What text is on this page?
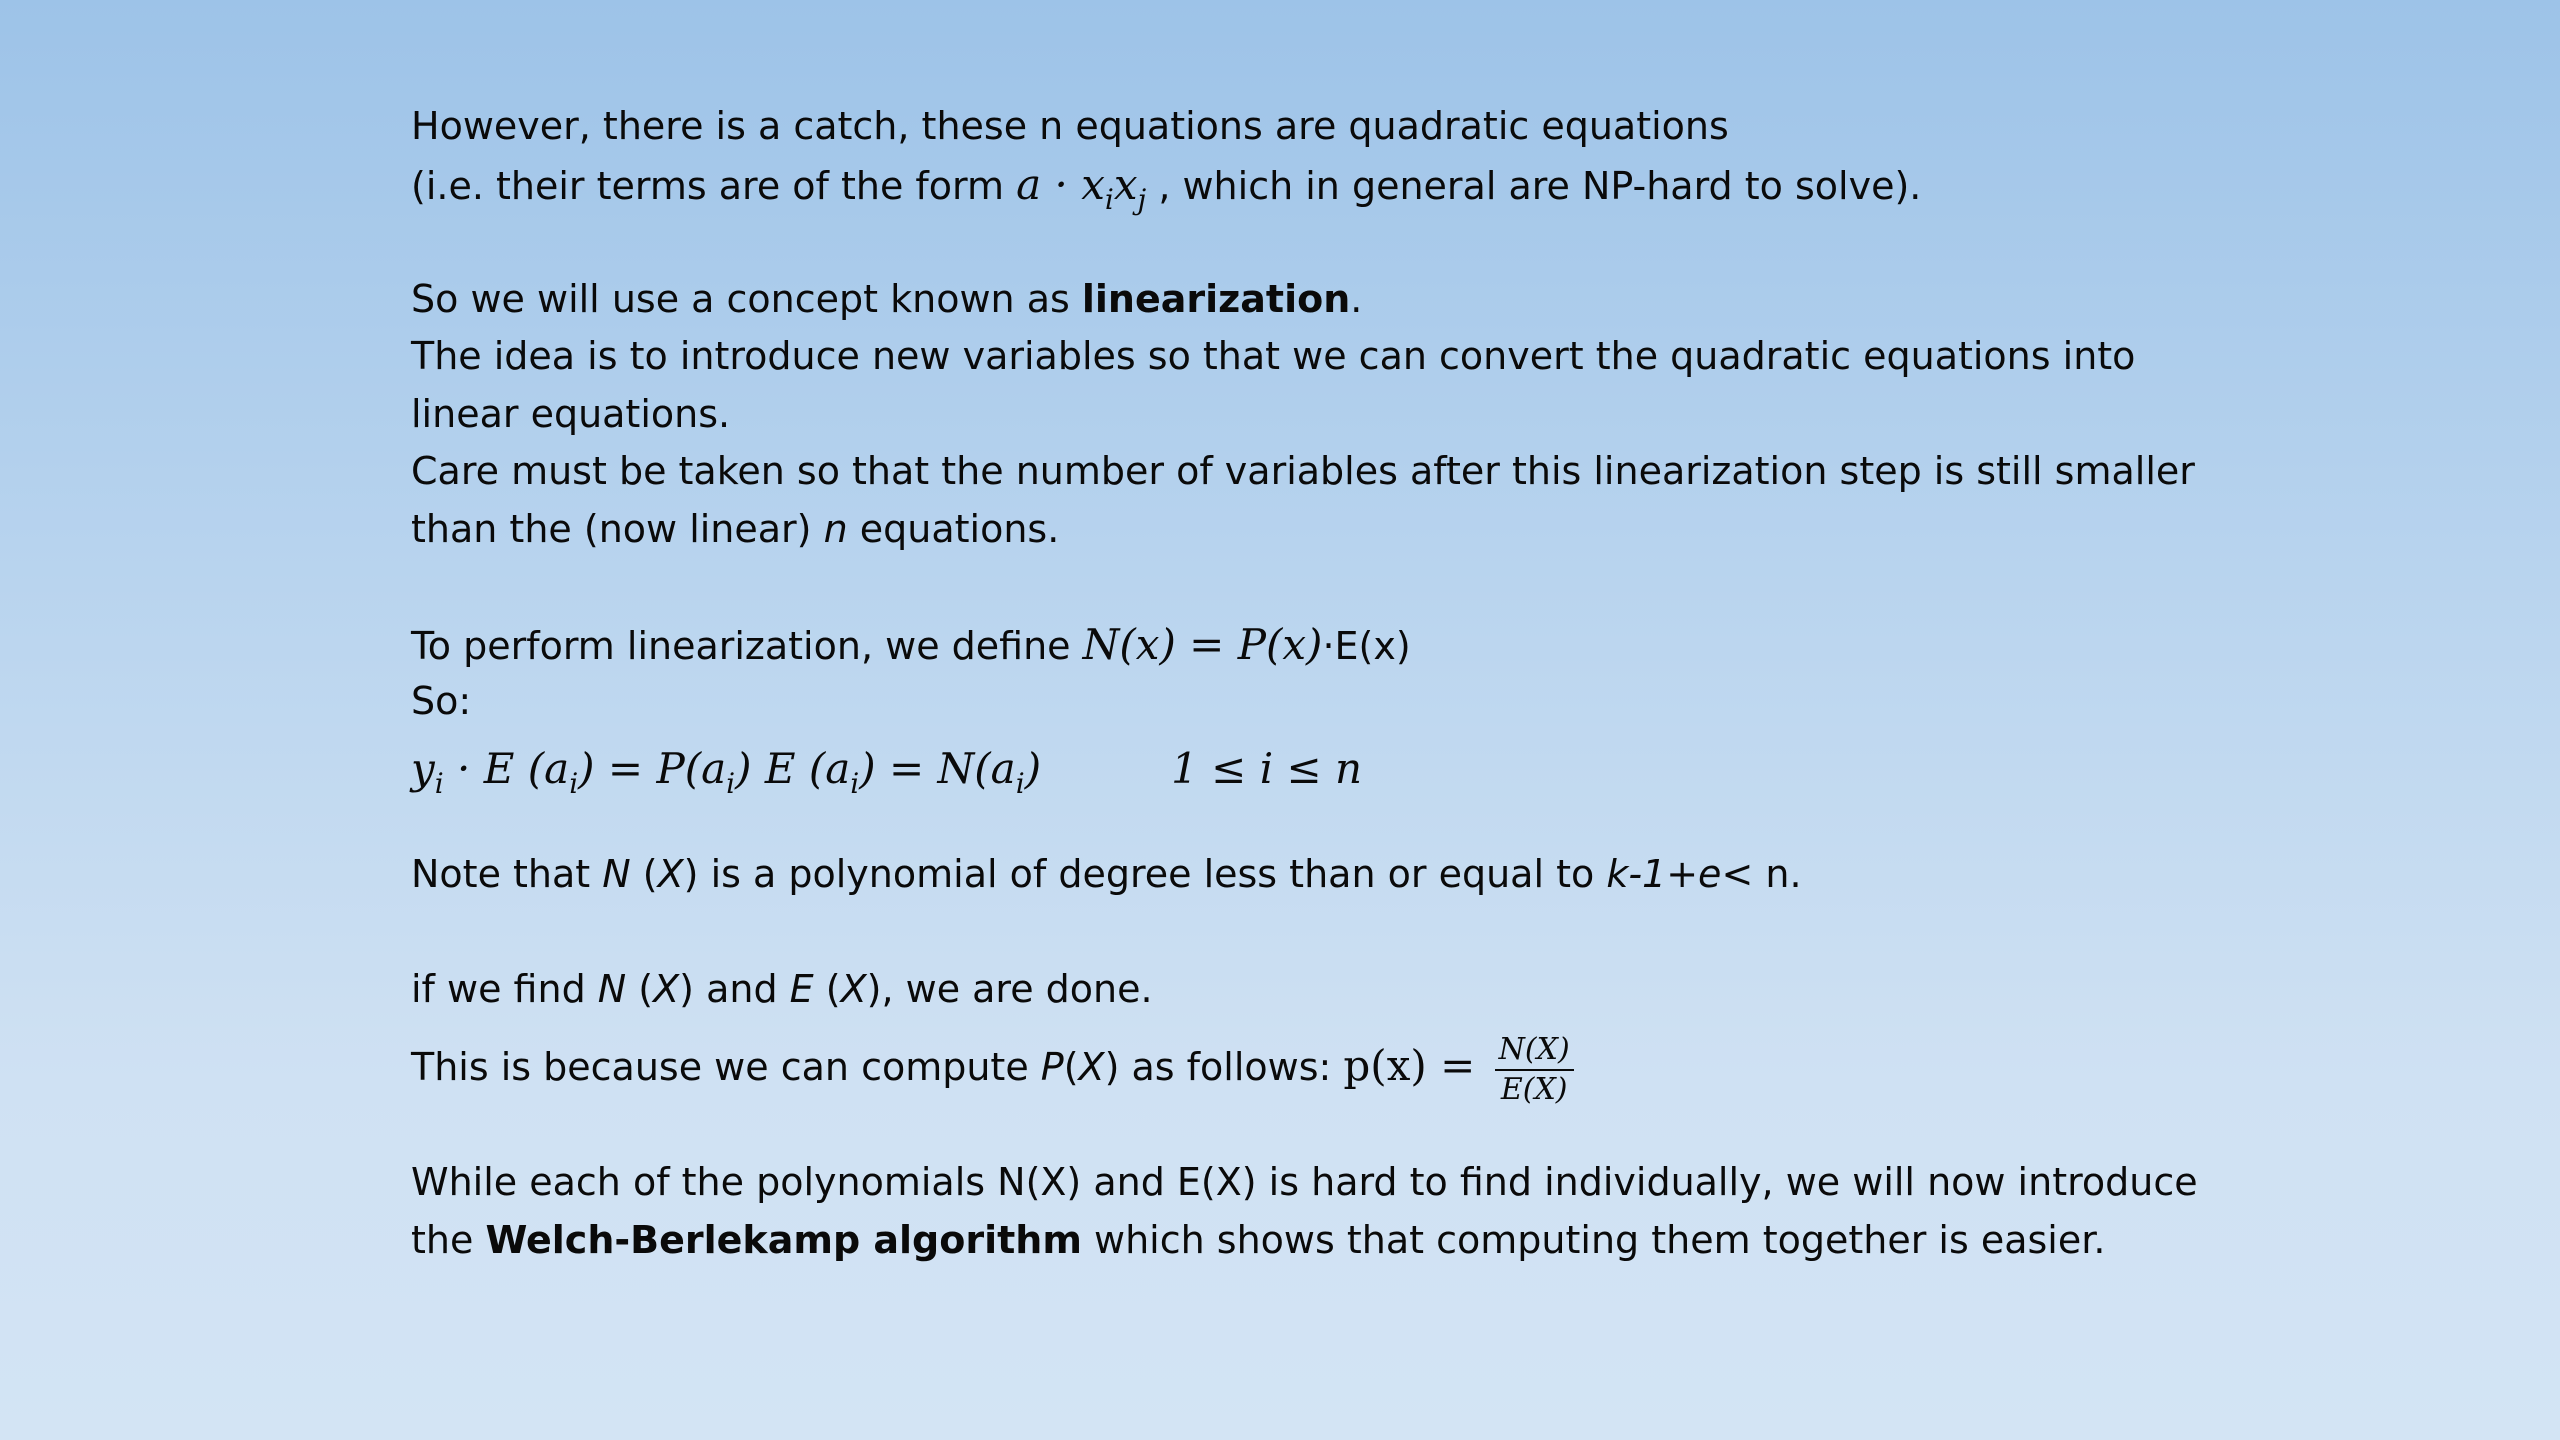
However, there is a catch, these n equations are quadratic equations
(i.e. their terms are of the form $a \cdot x_ix_j$ , which in general are NP-hard to solve).
So we will use a concept known as linearization.
The idea is to introduce new variables so that we can convert the quadratic equations into
linear equations.
Care must be taken so that the number of variables after this linearization step is still smaller
than the (now linear) n equations.
To perform linearization, we define N(x) = P(x)·E(x)
So:
$y_i \cdot E$ $(a_i) = P(a_i)$ E $(a_i) = N(a_i)$	1 ≤ i ≤ n
Note that N (X) is a polynomial of degree less than or equal to k-1+e< n.
if we find N (X) and E (X), we are done.
This is because we can compute P(X) as follows: $p(x) = \frac{N(X)}{E(X)}$
While each of the polynomials N(X) and E(X) is hard to find individually, we will now introduce
the Welch-Berlekamp algorithm which shows that computing them together is easier.
